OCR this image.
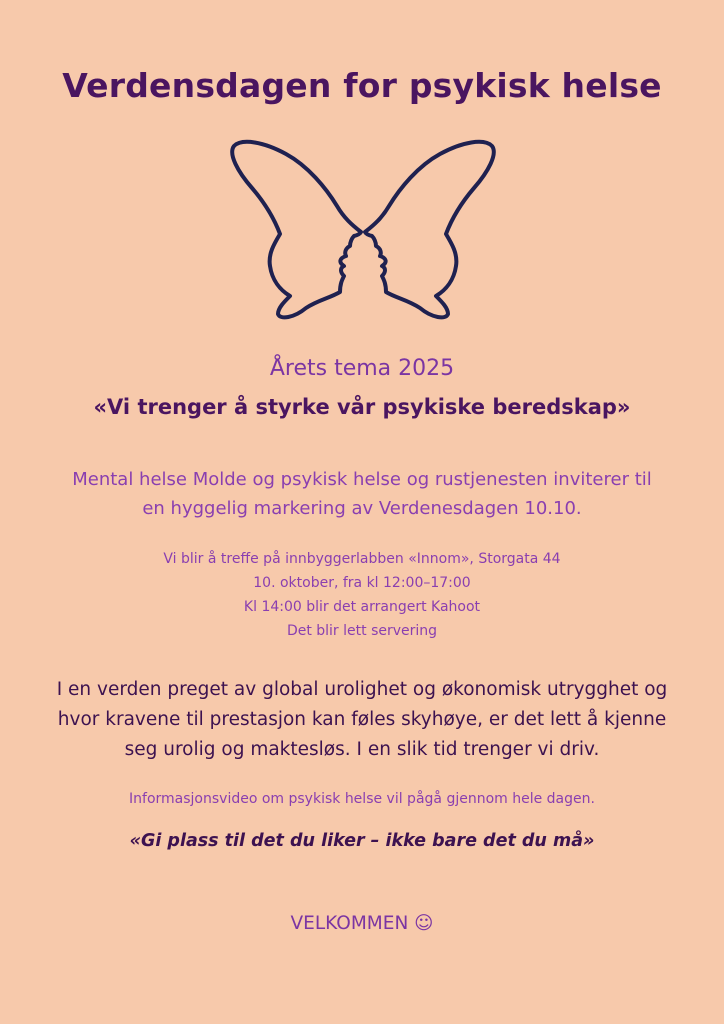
Verdensdagen for psykisk helse
Årets tema 2025
«Vi trenger å styrke vår psykiske beredskap»
Mental helse Molde og psykisk helse og rustjenesten inviterer til
en hyggelig markering av Verdenesdagen 10.10.
Vi blir å treffe på innbyggerlabben «Innom», Storgata 44
10. oktober, fra kl 12:00–17:00
Kl 14:00 blir det arrangert Kahoot
Det blir lett servering
I en verden preget av global urolighet og økonomisk utrygghet og
hvor kravene til prestasjon kan føles skyhøye, er det lett å kjenne
seg urolig og maktesløs. I en slik tid trenger vi driv.
Informasjonsvideo om psykisk helse vil pågå gjennom hele dagen.
«Gi plass til det du liker – ikke bare det du må»
VELKOMMEN ☺
